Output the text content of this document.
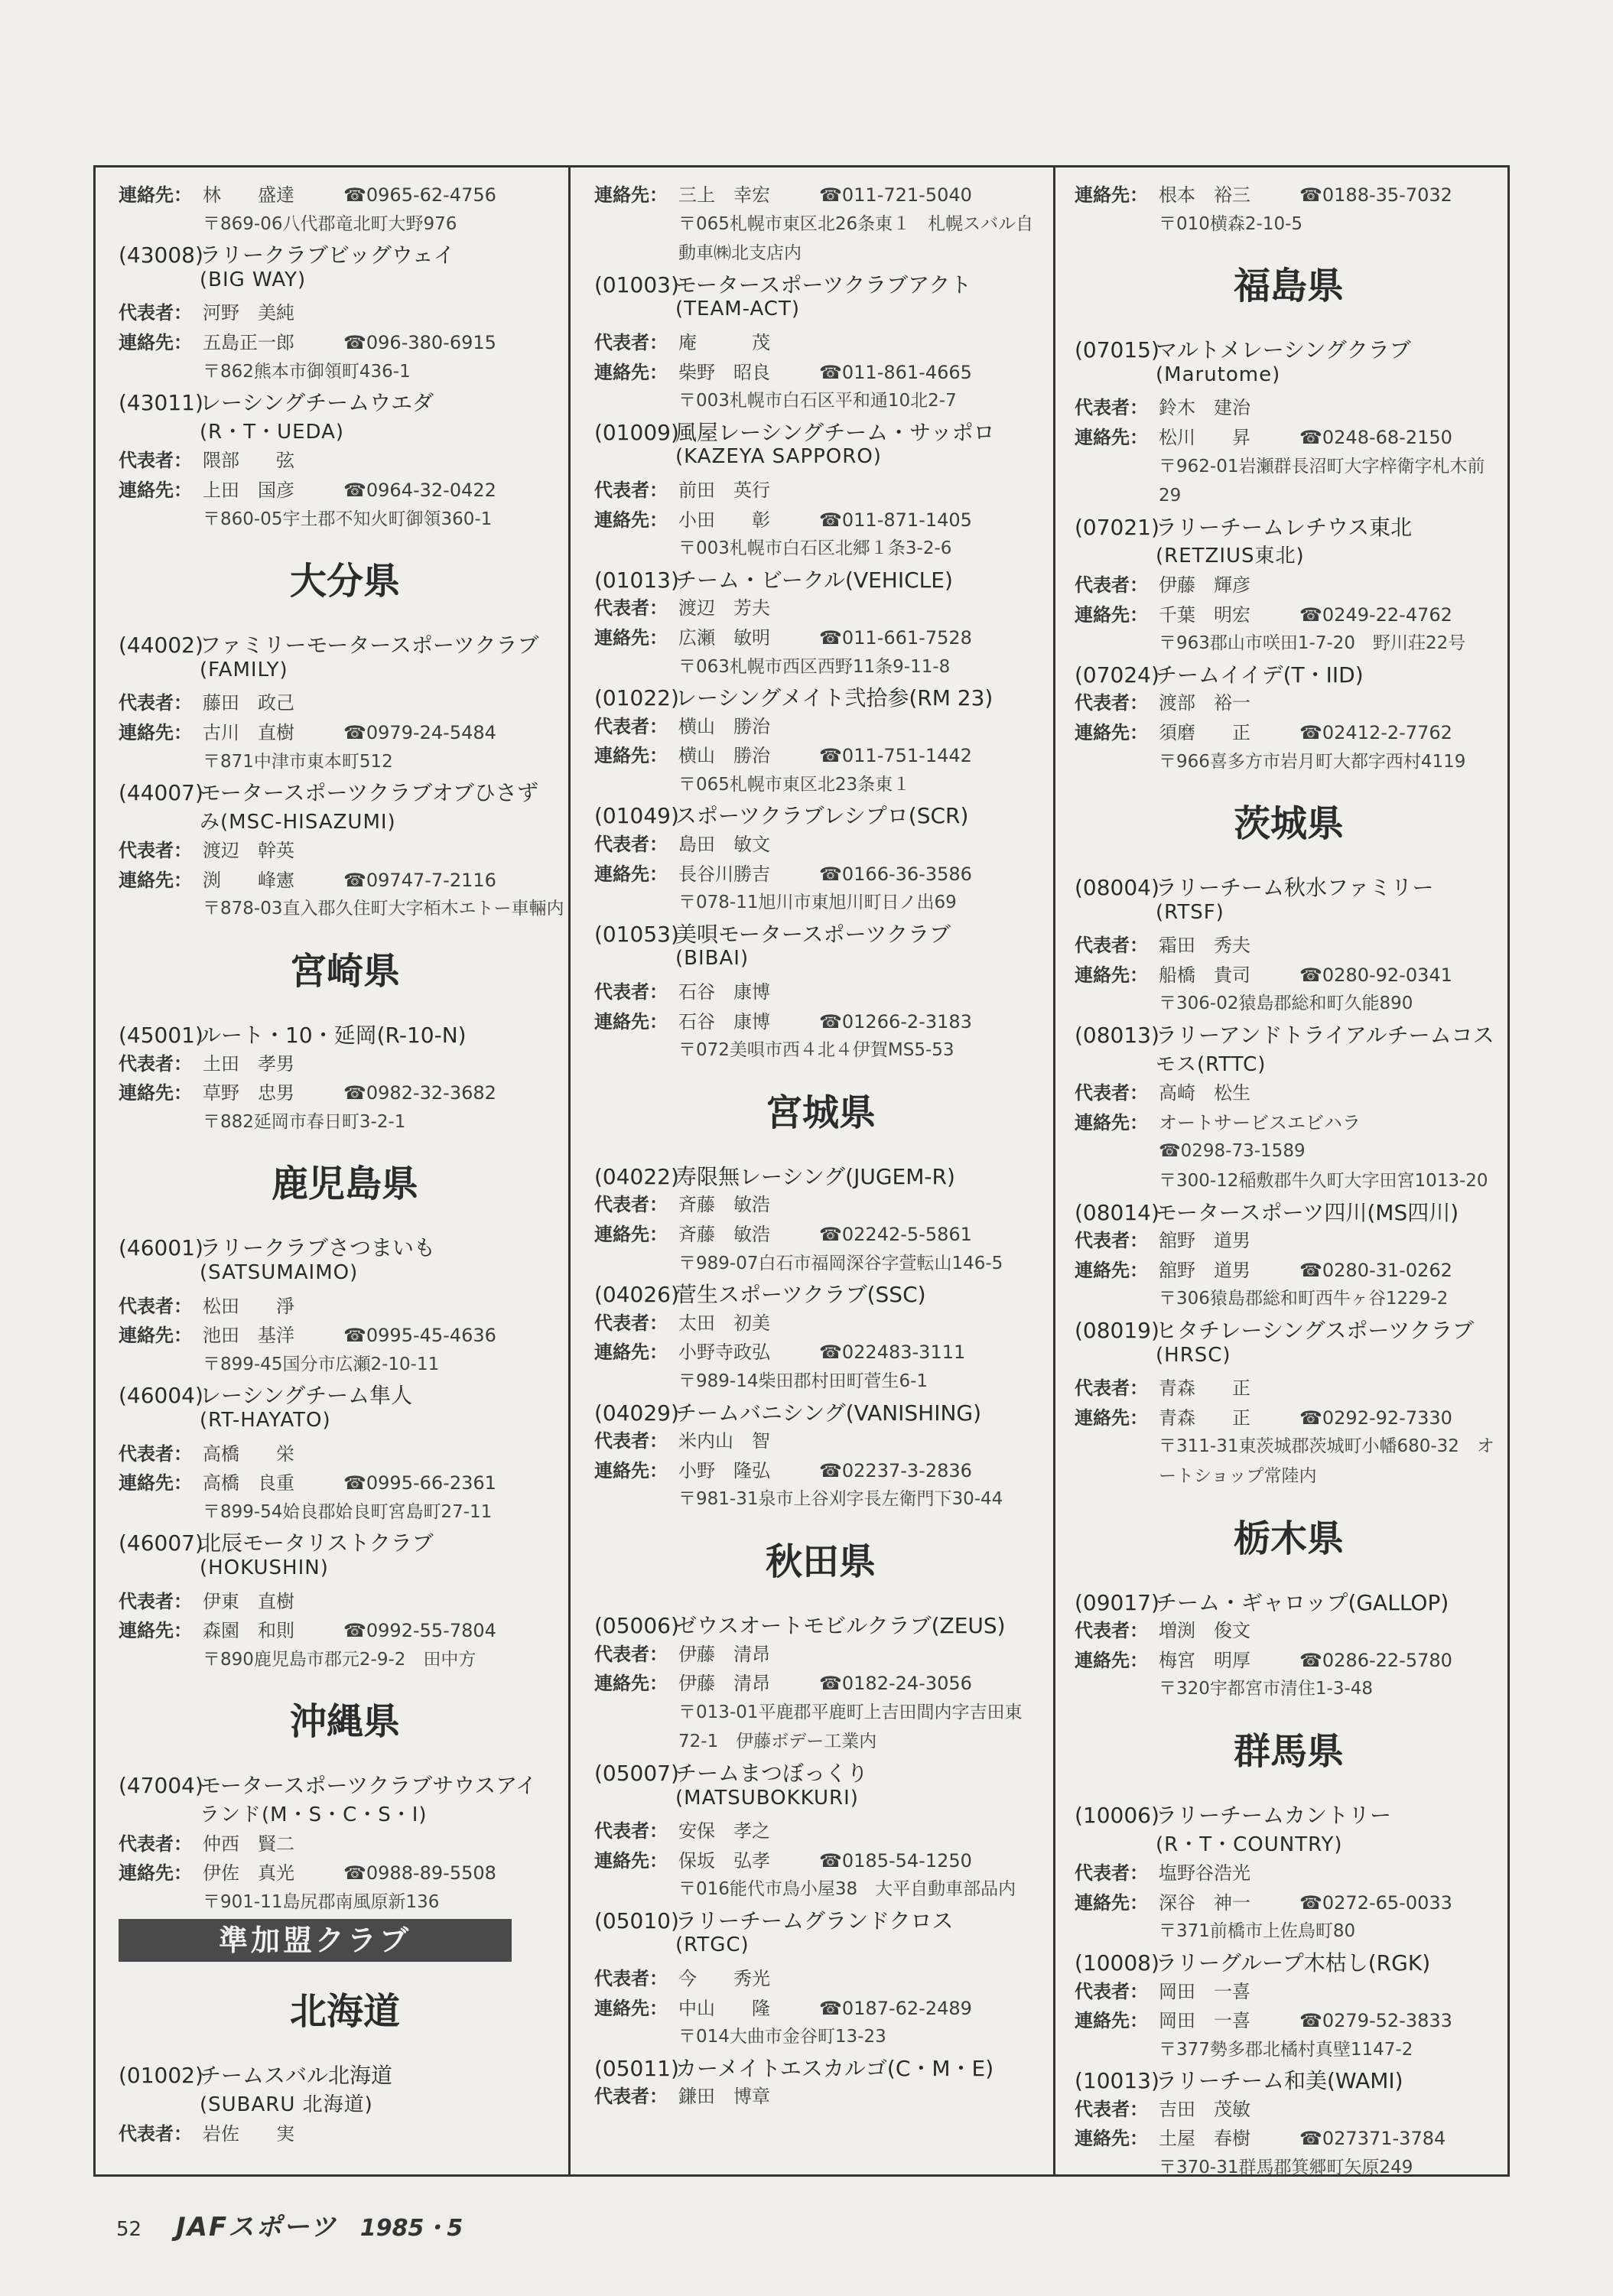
連絡先： 林　　盛達	☎0965-62-4756
〒869-06八代郡竜北町大野976
(43008)
ラリークラブビッグウェイ
(BIG WAY)
代表者： 河野　美純
連絡先： 五島正一郎	☎096-380-6915
〒862熊本市御領町436-1
(43011)
レーシングチームウエダ
(R・T・UEDA)
代表者： 隈部　　弦
連絡先： 上田　国彦	☎0964-32-0422
〒860-05宇土郡不知火町御領360-1
大分県
(44002)
ファミリーモータースポーツクラブ
(FAMILY)
代表者： 藤田　政己
連絡先： 古川　直樹	☎0979-24-5484
〒871中津市東本町512
(44007)
モータースポーツクラブオブひさず
み(MSC-HISAZUMI)
代表者： 渡辺　幹英
連絡先： 渕　　峰憲	☎09747-7-2116
〒878-03直入郡久住町大字栢木エトー車輛内
宮崎県
(45001)
ルート・10・延岡(R-10-N)
代表者： 土田　孝男
連絡先： 草野　忠男	☎0982-32-3682
〒882延岡市春日町3-2-1
鹿児島県
(46001)
ラリークラブさつまいも
(SATSUMAIMO)
代表者： 松田　　淨
連絡先： 池田　基洋	☎0995-45-4636
〒899-45国分市広瀬2-10-11
(46004)
レーシングチーム隼人
(RT-HAYATO)
代表者： 高橋　　栄
連絡先： 高橋　良重	☎0995-66-2361
〒899-54姶良郡姶良町宮島町27-11
(46007)
北辰モータリストクラブ
(HOKUSHIN)
代表者： 伊東　直樹
連絡先： 森園　和則	☎0992-55-7804
〒890鹿児島市郡元2-9-2　田中方
沖縄県
(47004)
モータースポーツクラブサウスアイ
ランド(M・S・C・S・I)
代表者： 仲西　賢二
連絡先： 伊佐　真光	☎0988-89-5508
〒901-11島尻郡南風原新136
準加盟クラブ
北海道
(01002)
チームスバル北海道
(SUBARU 北海道)
代表者： 岩佐　　実
連絡先： 三上　幸宏	☎011-721-5040
〒065札幌市東区北26条東１　札幌スバル自動車㈱北支店内
(01003)
モータースポーツクラブアクト
(TEAM-ACT)
代表者： 庵　　　茂
連絡先： 柴野　昭良	☎011-861-4665
〒003札幌市白石区平和通10北2-7
(01009)
風屋レーシングチーム・サッポロ
(KAZEYA SAPPORO)
代表者： 前田　英行
連絡先： 小田　　彰	☎011-871-1405
〒003札幌市白石区北郷１条3-2-6
(01013)
チーム・ビークル(VEHICLE)
代表者： 渡辺　芳夫
連絡先： 広瀬　敏明	☎011-661-7528
〒063札幌市西区西野11条9-11-8
(01022)
レーシングメイト弐拾参(RM 23)
代表者： 横山　勝治
連絡先： 横山　勝治	☎011-751-1442
〒065札幌市東区北23条東１
(01049)
スポーツクラブレシプロ(SCR)
代表者： 島田　敏文
連絡先： 長谷川勝吉	☎0166-36-3586
〒078-11旭川市東旭川町日ノ出69
(01053)
美唄モータースポーツクラブ
(BIBAI)
代表者： 石谷　康博
連絡先： 石谷　康博	☎01266-2-3183
〒072美唄市西４北４伊賀MS5-53
宮城県
(04022)
寿限無レーシング(JUGEM-R)
代表者： 斉藤　敏浩
連絡先： 斉藤　敏浩	☎02242-5-5861
〒989-07白石市福岡深谷字萱転山146-5
(04026)
菅生スポーツクラブ(SSC)
代表者： 太田　初美
連絡先： 小野寺政弘	☎022483-3111
〒989-14柴田郡村田町菅生6-1
(04029)
チームバニシング(VANISHING)
代表者： 米内山　智
連絡先： 小野　隆弘	☎02237-3-2836
〒981-31泉市上谷刈字長左衛門下30-44
秋田県
(05006)
ゼウスオートモビルクラブ(ZEUS)
代表者： 伊藤　清昂
連絡先： 伊藤　清昂	☎0182-24-3056
〒013-01平鹿郡平鹿町上吉田間内字吉田東72-1　伊藤ボデー工業内
(05007)
チームまつぼっくり
(MATSUBOKKURI)
代表者： 安保　孝之
連絡先： 保坂　弘孝	☎0185-54-1250
〒016能代市鳥小屋38　大平自動車部品内
(05010)
ラリーチームグランドクロス
(RTGC)
代表者： 今　　秀光
連絡先： 中山　　隆	☎0187-62-2489
〒014大曲市金谷町13-23
(05011)
カーメイトエスカルゴ(C・M・E)
代表者： 鎌田　博章
連絡先： 根本　裕三	☎0188-35-7032
〒010横森2-10-5
福島県
(07015)
マルトメレーシングクラブ
(Marutome)
代表者： 鈴木　建治
連絡先： 松川　　昇	☎0248-68-2150
〒962-01岩瀬群長沼町大字梓衛字札木前29
(07021)
ラリーチームレチウス東北
(RETZIUS東北)
代表者： 伊藤　輝彦
連絡先： 千葉　明宏	☎0249-22-4762
〒963郡山市咲田1-7-20　野川荘22号
(07024)
チームイイデ(T・IID)
代表者： 渡部　裕一
連絡先： 須磨　　正	☎02412-2-7762
〒966喜多方市岩月町大都字西村4119
茨城県
(08004)
ラリーチーム秋水ファミリー
(RTSF)
代表者： 霜田　秀夫
連絡先： 船橋　貴司	☎0280-92-0341
〒306-02猿島郡総和町久能890
(08013)
ラリーアンドトライアルチームコス
モス(RTTC)
代表者： 高崎　松生
連絡先： オートサービスエビハラ
☎0298-73-1589
〒300-12稲敷郡牛久町大字田宮1013-20
(08014)
モータースポーツ四川(MS四川)
代表者： 舘野　道男
連絡先： 舘野　道男	☎0280-31-0262
〒306猿島郡総和町西牛ヶ谷1229-2
(08019)
ヒタチレーシングスポーツクラブ
(HRSC)
代表者： 青森　　正
連絡先： 青森　　正	☎0292-92-7330
〒311-31東茨城郡茨城町小幡680-32　オートショップ常陸内
栃木県
(09017)
チーム・ギャロップ(GALLOP)
代表者： 増渕　俊文
連絡先： 梅宮　明厚	☎0286-22-5780
〒320宇都宮市清住1-3-48
群馬県
(10006)
ラリーチームカントリー
(R・T・COUNTRY)
代表者： 塩野谷浩光
連絡先： 深谷　神一	☎0272-65-0033
〒371前橋市上佐鳥町80
(10008)
ラリーグループ木枯し(RGK)
代表者： 岡田　一喜
連絡先： 岡田　一喜	☎0279-52-3833
〒377勢多郡北橘村真壁1147-2
(10013)
ラリーチーム和美(WAMI)
代表者： 吉田　茂敏
連絡先： 土屋　春樹	☎027371-3784
〒370-31群馬郡箕郷町矢原249
52	JAFスポーツ 1985・5
